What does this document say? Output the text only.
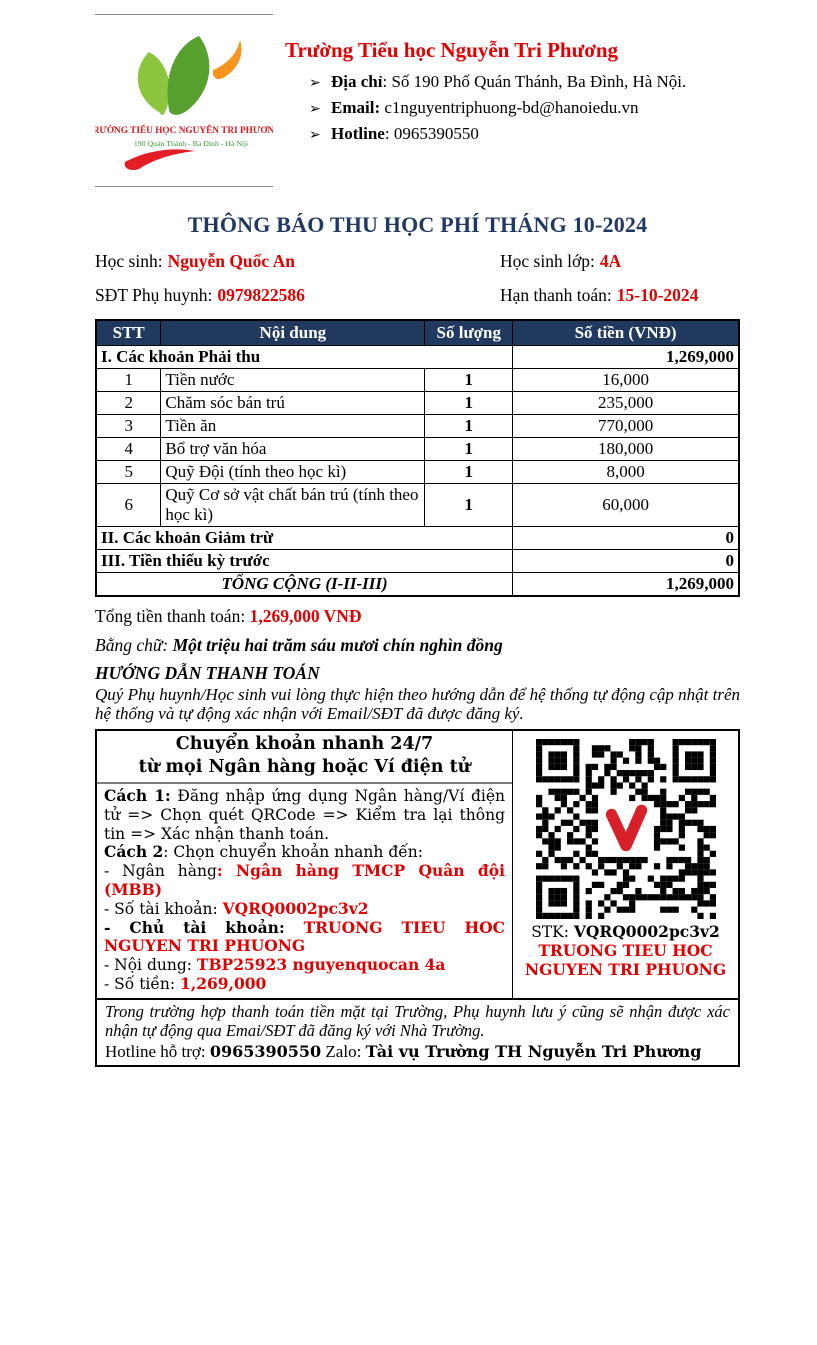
TRƯỜNG TIỂU HỌC NGUYỄN TRI PHƯƠNG
190 Quán Thánh - Ba Đình - Hà Nội
Trường Tiểu học Nguyễn Tri Phương
➢ Địa chỉ: Số 190 Phố Quán Thánh, Ba Đình, Hà Nội.
➢ Email: c1nguyentriphuong-bd@hanoiedu.vn
➢ Hotline: 0965390550
THÔNG BÁO THU HỌC PHÍ THÁNG 10-2024
Học sinh: Nguyễn Quốc An	Học sinh lớp: 4A
SĐT Phụ huynh: 0979822586	Hạn thanh toán: 15-10-2024
STT	Nội dung	Số lượng	Số tiền (VNĐ)
I. Các khoản Phải thu			1,269,000
1	Tiền nước	1	16,000
2	Chăm sóc bán trú	1	235,000
3	Tiền ăn	1	770,000
4	Bổ trợ văn hóa	1	180,000
5	Quỹ Đội (tính theo học kì)	1	8,000
6	Quỹ Cơ sở vật chất bán trú (tính theo học kì)	1	60,000
II. Các khoản Giảm trừ			0
III. Tiền thiếu kỳ trước			0
TỔNG CỘNG (I-II-III)			1,269,000

Tổng tiền thanh toán: 1,269,000 VNĐ

Bằng chữ: Một triệu hai trăm sáu mươi chín nghìn đồng

HƯỚNG DẪN THANH TOÁN

Quý Phụ huynh/Học sinh vui lòng thực hiện theo hướng dẫn để hệ thống tự động cập nhật trên hệ thống và tự động xác nhận với Email/SĐT đã được đăng ký.

Chuyển khoản nhanh 24/7
từ mọi Ngân hàng hoặc Ví điện tử
Cách 1: Đăng nhập ứng dụng Ngân hàng/Ví điện tử => Chọn quét QRCode => Kiểm tra lại thông tin => Xác nhận thanh toán.
Cách 2: Chọn chuyển khoản nhanh đến:
- Ngân hàng: Ngân hàng TMCP Quân đội (MBB)
- Số tài khoản: VQRQ0002pc3v2
- Chủ tài khoản: TRUONG TIEU HOC NGUYEN TRI PHUONG
- Nội dung: TBP25923 nguyenquocan 4a
- Số tiền: 1,269,000
STK: VQRQ0002pc3v2
TRUONG TIEU HOC
NGUYEN TRI PHUONG
Trong trường hợp thanh toán tiền mặt tại Trường, Phụ huynh lưu ý cũng sẽ nhận được xác nhận tự động qua Emai/SĐT đã đăng ký với Nhà Trường.
Hotline hỗ trợ: 0965390550 Zalo: Tài vụ Trường TH Nguyễn Tri Phương
